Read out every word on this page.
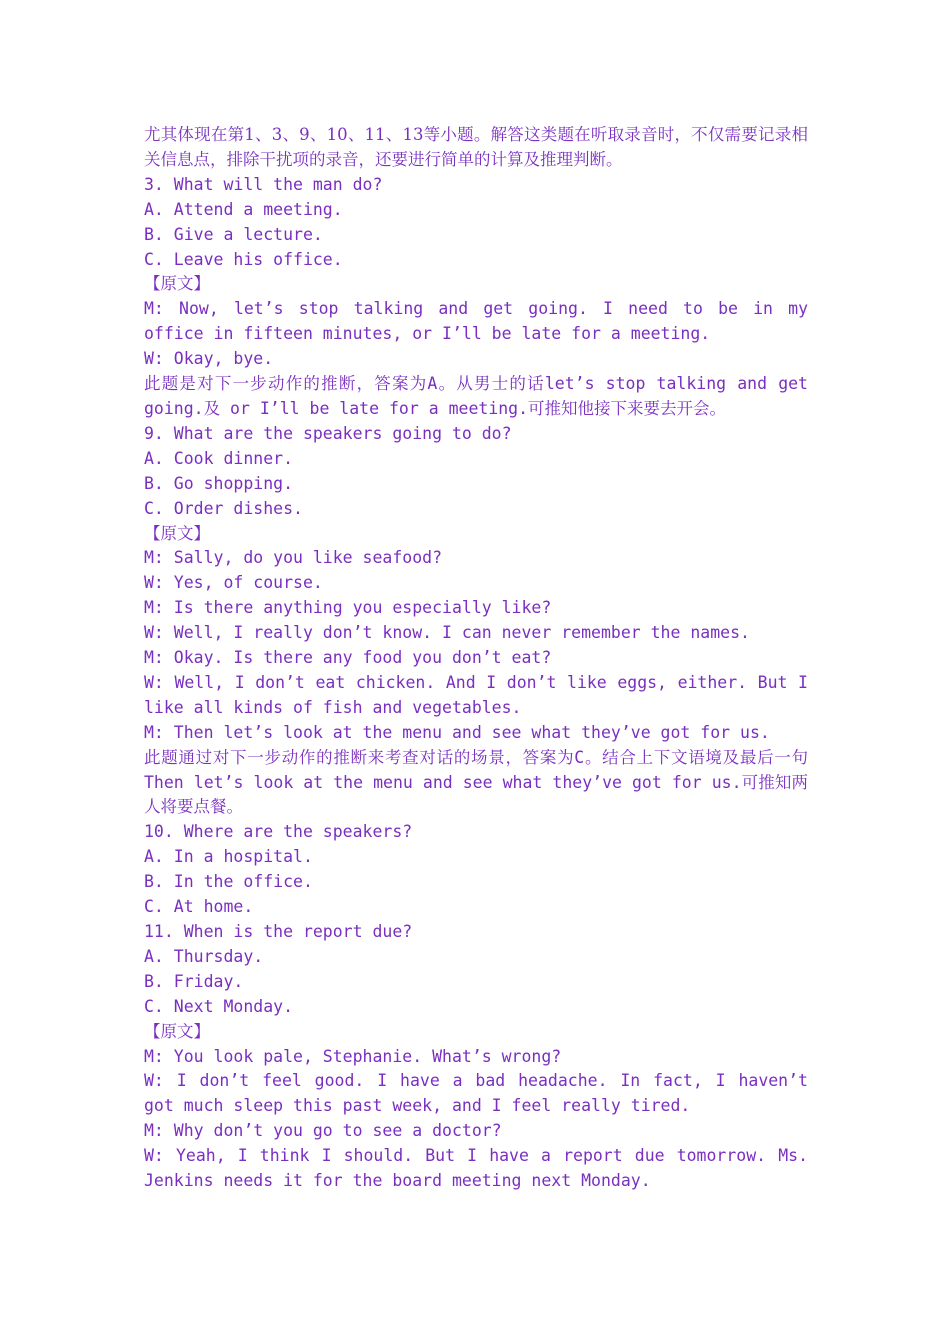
尤其体现在第1、3、9、10、11、13等小题。解答这类题在听取录音时，不仅需要记录相关信息点，排除干扰项的录音，还要进行简单的计算及推理判断。

3. What will the man do?

A. Attend a meeting.

B. Give a lecture.

C. Leave his office.

【原文】

M: Now, let’s stop talking and get going. I need to be in my office in fifteen minutes, or I’ll be late for a meeting.

W: Okay, bye.

此题是对下一步动作的推断，答案为A。从男士的话let’s stop talking and get going.及 or I’ll be late for a meeting.可推知他接下来要去开会。

9. What are the speakers going to do?

A. Cook dinner.

B. Go shopping.

C. Order dishes.

【原文】

M: Sally, do you like seafood?

W: Yes, of course.

M: Is there anything you especially like?

W: Well, I really don’t know. I can never remember the names.

M: Okay. Is there any food you don’t eat?

W: Well, I don’t eat chicken. And I don’t like eggs, either. But I like all kinds of fish and vegetables.

M: Then let’s look at the menu and see what they’ve got for us.

此题通过对下一步动作的推断来考查对话的场景，答案为C。结合上下文语境及最后一句Then let’s look at the menu and see what they’ve got for us.可推知两人将要点餐。

10. Where are the speakers?

A. In a hospital.

B. In the office.

C. At home.

11. When is the report due?

A. Thursday.

B. Friday.

C. Next Monday.

【原文】

M: You look pale, Stephanie. What’s wrong?

W: I don’t feel good. I have a bad headache. In fact, I haven’t got much sleep this past week, and I feel really tired.

M: Why don’t you go to see a doctor?

W: Yeah, I think I should. But I have a report due tomorrow. Ms. Jenkins needs it for the board meeting next Monday.
